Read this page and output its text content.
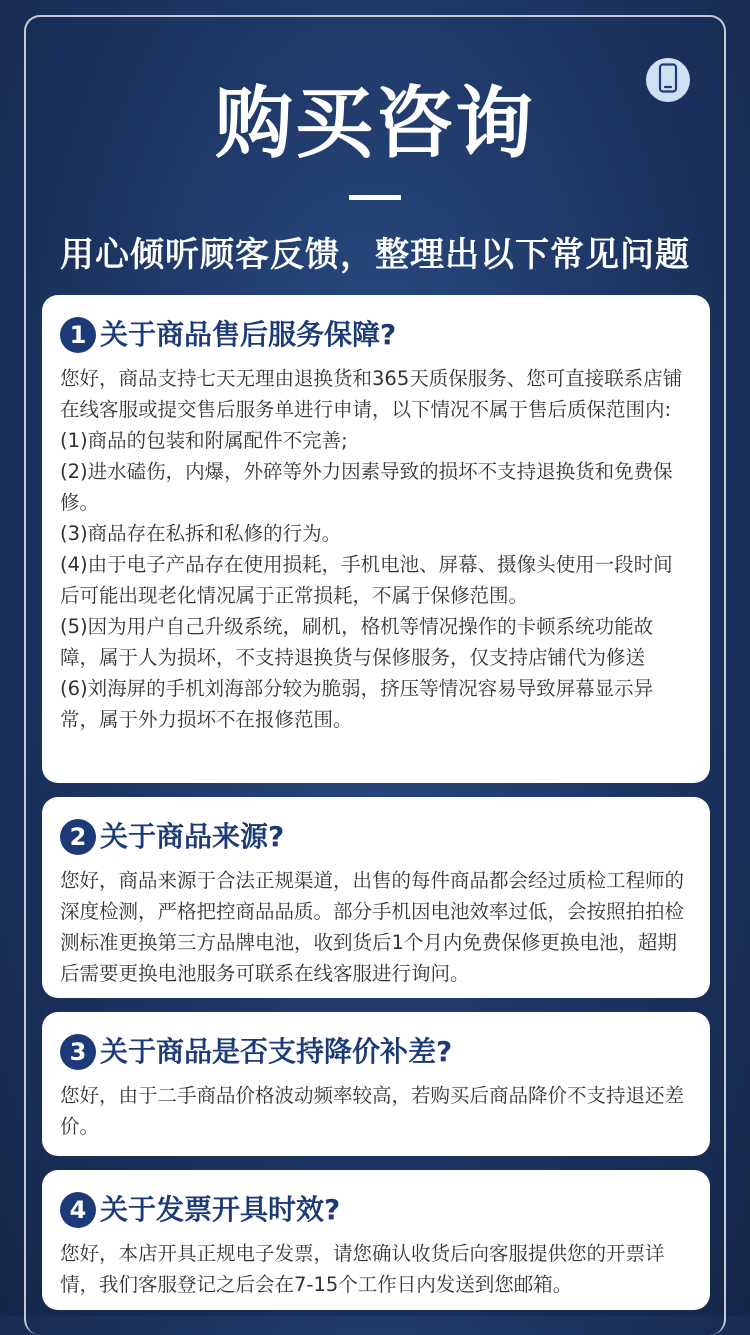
购买咨询
用心倾听顾客反馈，整理出以下常见问题
1 关于商品售后服务保障?

您好，商品支持七天无理由退换货和365天质保服务、您可直接联系店铺在线客服或提交售后服务单进行申请，以下情况不属于售后质保范围内:

(1)商品的包装和附属配件不完善;

(2)进水磕伤，内爆，外碎等外力因素导致的损坏不支持退换货和免费保修。

(3)商品存在私拆和私修的行为。

(4)由于电子产品存在使用损耗，手机电池、屏幕、摄像头使用一段时间后可能出现老化情况属于正常损耗，不属于保修范围。

(5)因为用户自己升级系统，刷机，格机等情况操作的卡顿系统功能故障，属于人为损坏，不支持退换货与保修服务，仅支持店铺代为修送

(6)刘海屏的手机刘海部分较为脆弱，挤压等情况容易导致屏幕显示异常，属于外力损坏不在报修范围。

2 关于商品来源?

您好，商品来源于合法正规渠道，出售的每件商品都会经过质检工程师的深度检测，严格把控商品品质。部分手机因电池效率过低，会按照拍拍检测标准更换第三方品牌电池，收到货后1个月内免费保修更换电池，超期后需要更换电池服务可联系在线客服进行询问。

3 关于商品是否支持降价补差?

您好，由于二手商品价格波动频率较高，若购买后商品降价不支持退还差价。

4 关于发票开具时效?

您好，本店开具正规电子发票，请您确认收货后向客服提供您的开票详情，我们客服登记之后会在7-15个工作日内发送到您邮箱。
